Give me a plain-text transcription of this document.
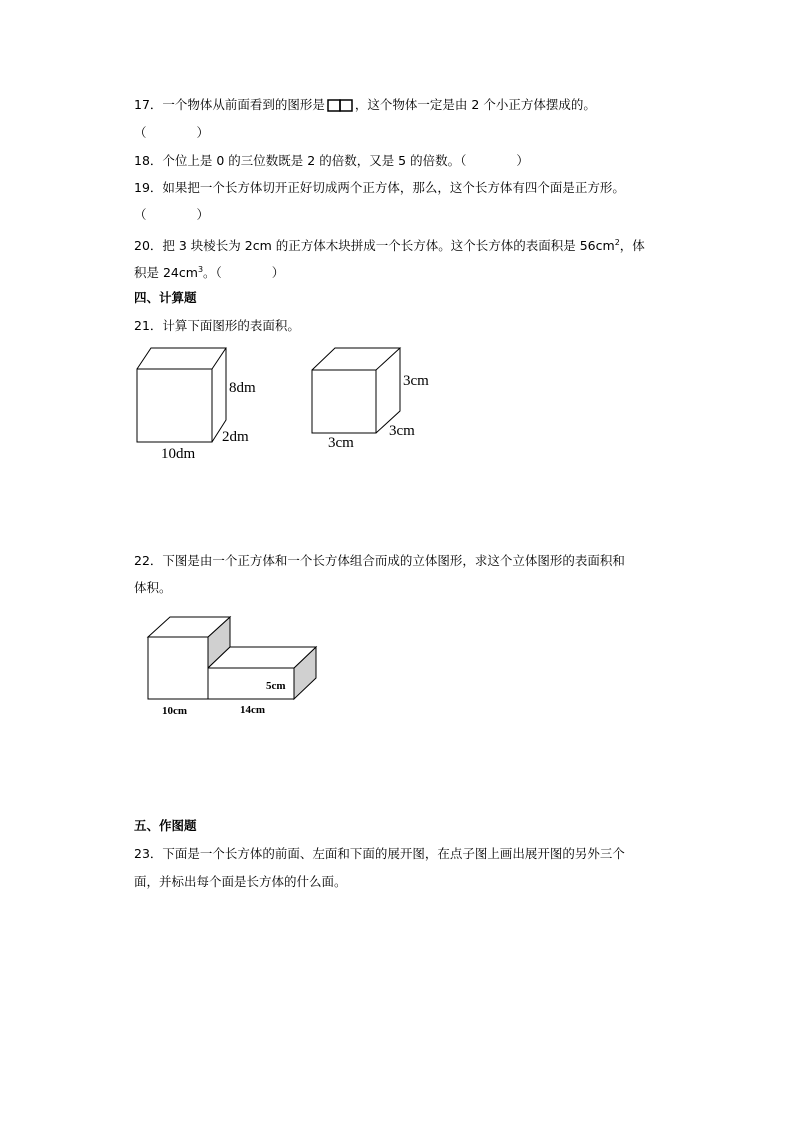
17．一个物体从前面看到的图形是 ，这个物体一定是由 2 个小正方体摆成的。
（　　　　）
18．个位上是 0 的三位数既是 2 的倍数，又是 5 的倍数。（　　　　）
19．如果把一个长方体切开正好切成两个正方体，那么，这个长方体有四个面是正方形。
（　　　　）
20．把 3 块棱长为 2cm 的正方体木块拼成一个长方体。这个长方体的表面积是 $56cm^2$，体
积是 $24cm^3$。（　　　　）
四、计算题
21．计算下面图形的表面积。
8dm
2dm
10dm
3cm
3cm
3cm
5cm
10cm	14cm
22．下图是由一个正方体和一个长方体组合而成的立体图形，求这个立体图形的表面积和
体积。
五、作图题
23．下面是一个长方体的前面、左面和下面的展开图，在点子图上画出展开图的另外三个
面，并标出每个面是长方体的什么面。
